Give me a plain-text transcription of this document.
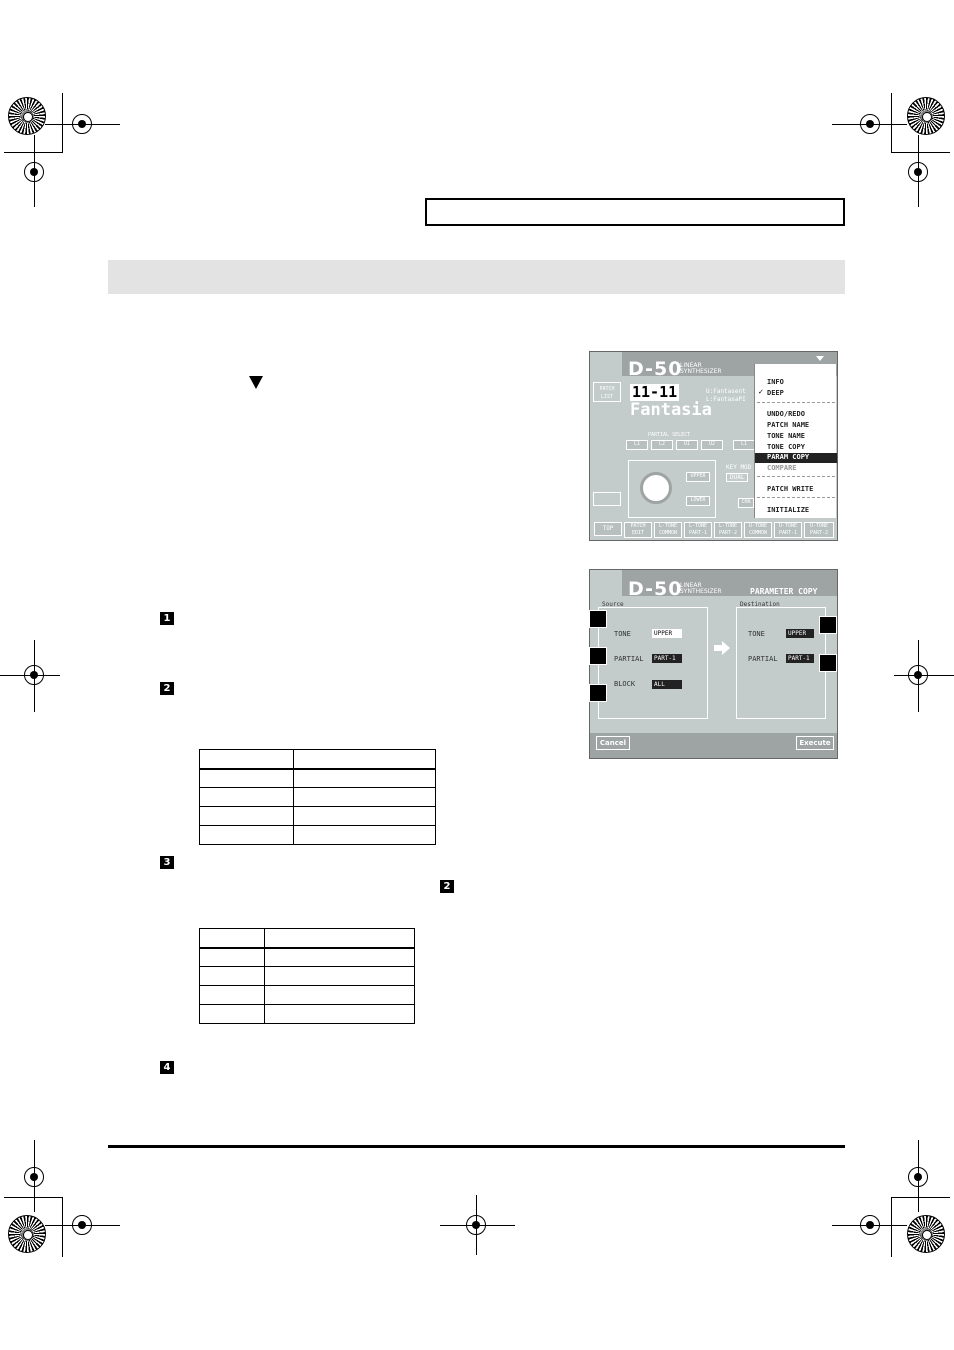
1
2
3
2
4

PATCH
LIST
D-50
LINEAR
SYNTHESIZER
11-11
Fantasia
U:Fantasent
L:FantasaPI
PARTIAL SELECT
L1	L2	U1	U2	L1
UPPER
LOWER
KEY MOD
DUAL
CHA
TOP	PATCH EDIT
L-TONE COMMON
L-TONE PART-1
L-TONE PART-2
U-TONE COMMON
U-TONE PART-1
U-TONE PART-2
INFO
✓ DEEP
UNDO/REDO
PATCH NAME
TONE NAME
TONE COPY
PARAM COPY
COMPARE
PATCH WRITE
INITIALIZE
D-50
LINEAR
SYNTHESIZER	PARAMETER COPY
Source
TONE	UPPER
PARTIAL	PART-1
BLOCK	ALL
Destination
TONE	UPPER
PARTIAL	PART-1
Cancel	Execute
